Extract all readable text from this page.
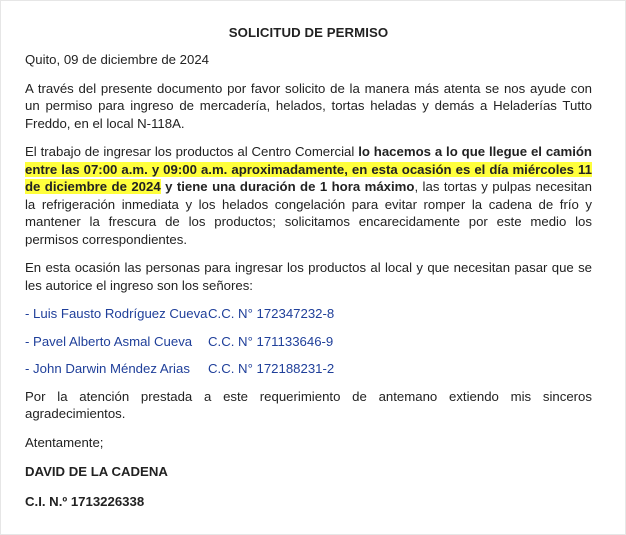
SOLICITUD DE PERMISO

Quito, 09 de diciembre de 2024

A través del presente documento por favor solicito de la manera más atenta se nos ayude con un permiso para ingreso de mercadería, helados, tortas heladas y demás a Heladerías Tutto Freddo, en el local N-118A.

El trabajo de ingresar los productos al Centro Comercial lo hacemos a lo que llegue el camión entre las 07:00 a.m. y 09:00 a.m. aproximadamente, en esta ocasión es el día miércoles 11 de diciembre de 2024 y tiene una duración de 1 hora máximo, las tortas y pulpas necesitan la refrigeración inmediata y los helados congelación para evitar romper la cadena de frío y mantener la frescura de los productos; solicitamos encarecidamente por este medio los permisos correspondientes.

En esta ocasión las personas para ingresar los productos al local y que necesitan pasar que se les autorice el ingreso son los señores:

- Luis Fausto Rodríguez CuevaC.C. N° 172347232-8
- Pavel Alberto Asmal Cueva C.C. N° 171133646-9
- John Darwin Méndez Arias C.C. N° 172188231-2

Por la atención prestada a este requerimiento de antemano extiendo mis sinceros agradecimientos.

Atentamente;

DAVID DE LA CADENA

C.I. N.º 1713226338
